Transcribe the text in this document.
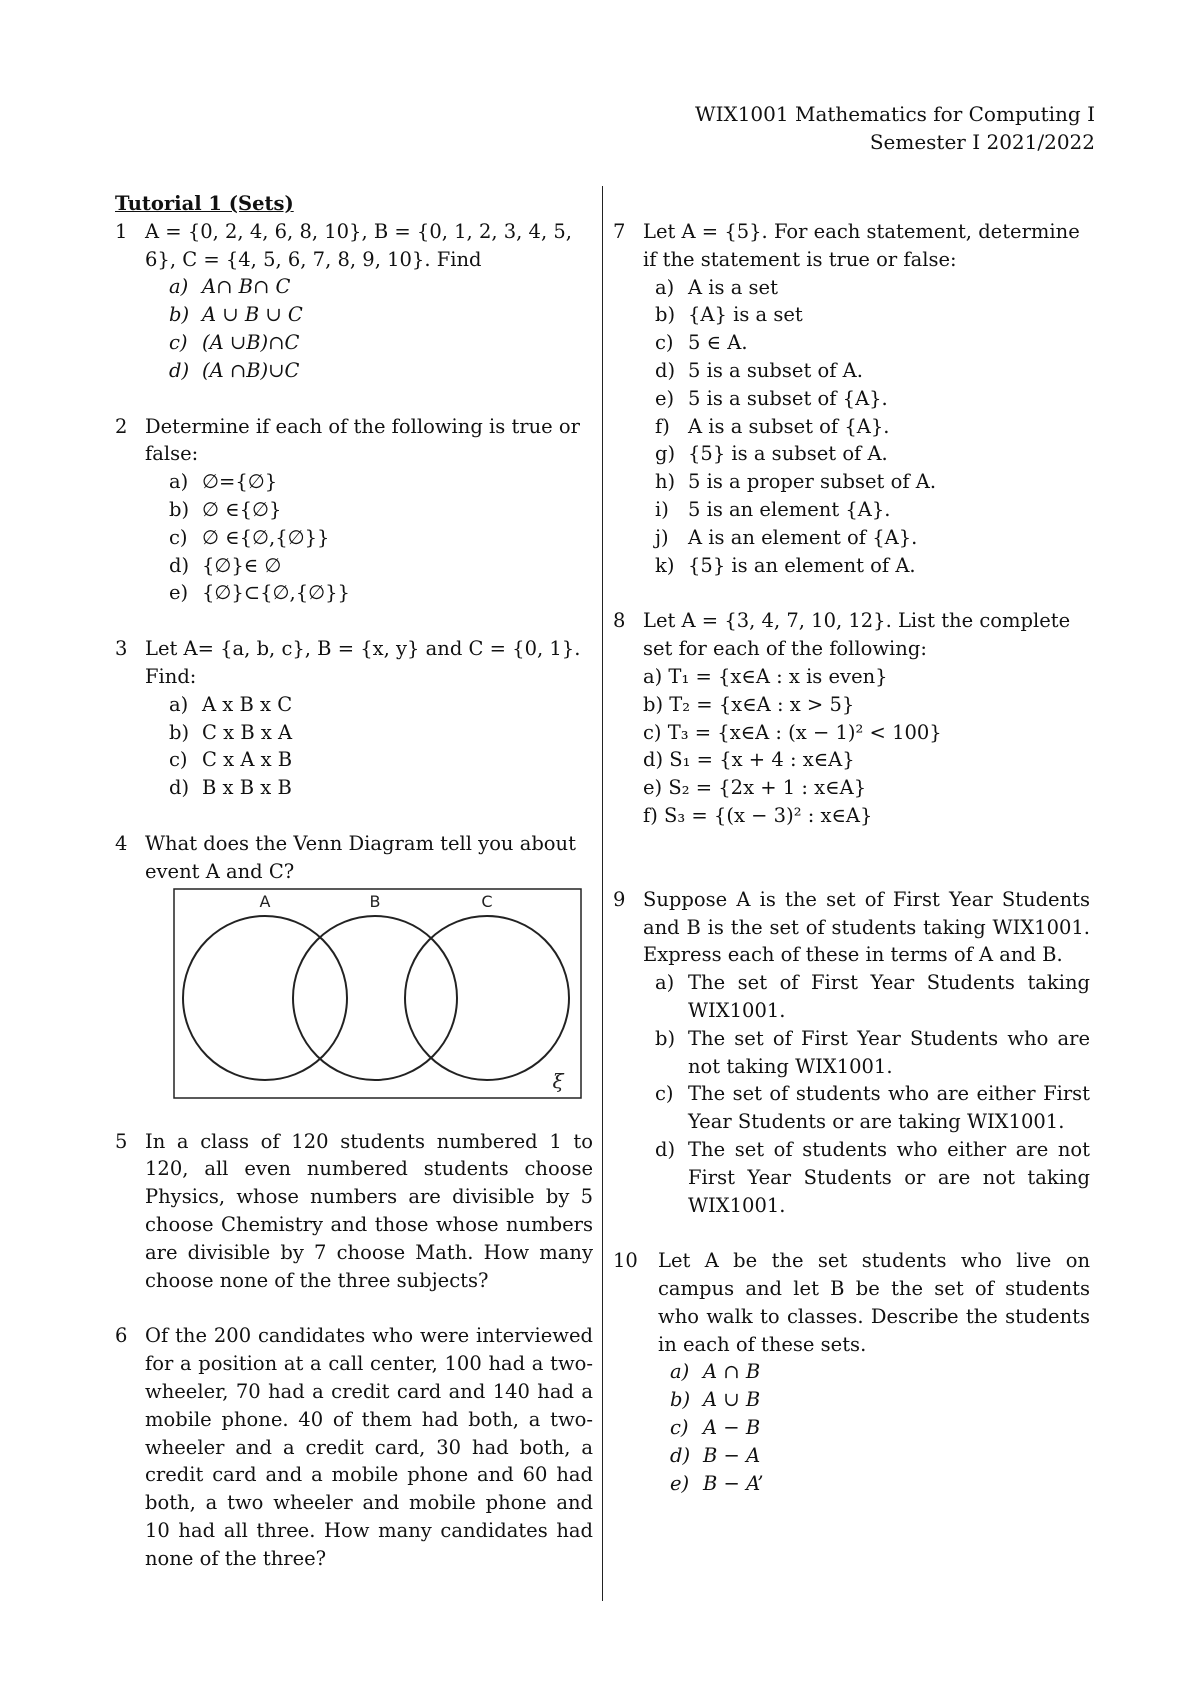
WIX1001 Mathematics for Computing I
Semester I 2021/2022
Tutorial 1 (Sets)
1 A = {0, 2, 4, 6, 8, 10}, B = {0, 1, 2, 3, 4, 5, 6}, C = {4, 5, 6, 7, 8, 9, 10}. Find
a) A∩ B∩ C
b) A ∪ B ∪ C
c) (A ∪B)∩C
d) (A ∩B)∪C
2 Determine if each of the following is true or false:
a) ∅={∅}
b) ∅ ∈{∅}
c) ∅ ∈{∅,{∅}}
d) {∅}∈ ∅
e) {∅}⊂{∅,{∅}}
3 Let A= {a, b, c}, B = {x, y} and C = {0, 1}. Find:
a) A x B x C
b) C x B x A
c) C x A x B
d) B x B x B
4 What does the Venn Diagram tell you about event A and C?
A	B	C
ξ
5 In a class of 120 students numbered 1 to 120, all even numbered students choose Physics, whose numbers are divisible by 5 choose Chemistry and those whose numbers are divisible by 7 choose Math. How many choose none of the three subjects?
6 Of the 200 candidates who were interviewed for a position at a call center, 100 had a two-wheeler, 70 had a credit card and 140 had a mobile phone. 40 of them had both, a two-wheeler and a credit card, 30 had both, a credit card and a mobile phone and 60 had both, a two wheeler and mobile phone and 10 had all three. How many candidates had none of the three?
7 Let A = {5}. For each statement, determine if the statement is true or false:
a) A is a set
b) {A} is a set
c) 5 ∈ A.
d) 5 is a subset of A.
e) 5 is a subset of {A}.
f) A is a subset of {A}.
g) {5} is a subset of A.
h) 5 is a proper subset of A.
i) 5 is an element {A}.
j) A is an element of {A}.
k) {5} is an element of A.
8 Let A = {3, 4, 7, 10, 12}. List the complete set for each of the following:
a) T₁ = {x∈A : x is even}
b) T₂ = {x∈A : x > 5}
c) T₃ = {x∈A : (x − 1)² < 100}
d) S₁ = {x + 4 : x∈A}
e) S₂ = {2x + 1 : x∈A}
f) S₃ = {(x − 3)² : x∈A}
9 Suppose A is the set of First Year Students and B is the set of students taking WIX1001. Express each of these in terms of A and B.
a) The set of First Year Students taking WIX1001.
b) The set of First Year Students who are not taking WIX1001.
c) The set of students who are either First Year Students or are taking WIX1001.
d) The set of students who either are not First Year Students or are not taking WIX1001.
10 Let A be the set students who live on campus and let B be the set of students who walk to classes. Describe the students in each of these sets.
a) A ∩ B
b) A ∪ B
c) A − B
d) B − A
e) B − A’
